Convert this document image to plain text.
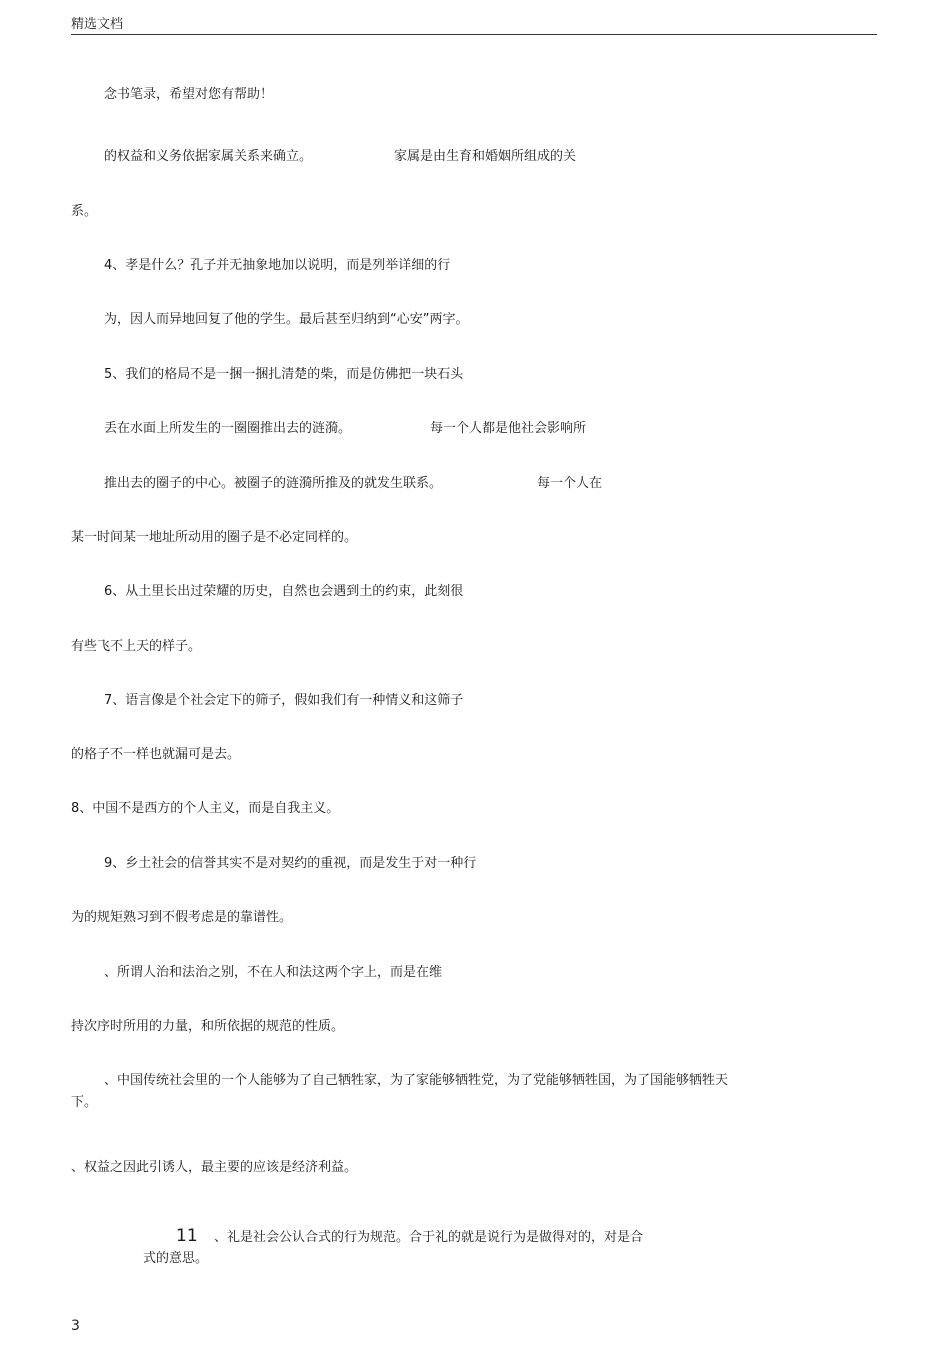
精选文档
念书笔录，希望对您有帮助！
的权益和义务依据家属关系来确立。	家属是由生育和婚姻所组成的关
系。
4、孝是什么？孔子并无抽象地加以说明，而是列举详细的行
为，因人而异地回复了他的学生。最后甚至归纳到“心安”两字。
5、我们的格局不是一捆一捆扎清楚的柴，而是仿佛把一块石头
丢在水面上所发生的一圈圈推出去的涟漪。	每一个人都是他社会影响所
推出去的圈子的中心。被圈子的涟漪所推及的就发生联系。	每一个人在
某一时间某一地址所动用的圈子是不必定同样的。
6、从土里长出过荣耀的历史，自然也会遇到土的约束，此刻很
有些飞不上天的样子。
7、语言像是个社会定下的筛子，假如我们有一种情义和这筛子
的格子不一样也就漏可是去。
8、中国不是西方的个人主义，而是自我主义。
9、乡土社会的信誉其实不是对契约的重视，而是发生于对一种行
为的规矩熟习到不假考虑是的靠谱性。
、所谓人治和法治之别，不在人和法这两个字上，而是在维
持次序时所用的力量，和所依据的规范的性质。
、中国传统社会里的一个人能够为了自己牺牲家，为了家能够牺牲党，为了党能够牺牲国，为了国能够牺牲天
下。
、权益之因此引诱人，最主要的应该是经济利益。
11 、礼是社会公认合式的行为规范。合于礼的就是说行为是做得对的，对是合
式的意思。
3
